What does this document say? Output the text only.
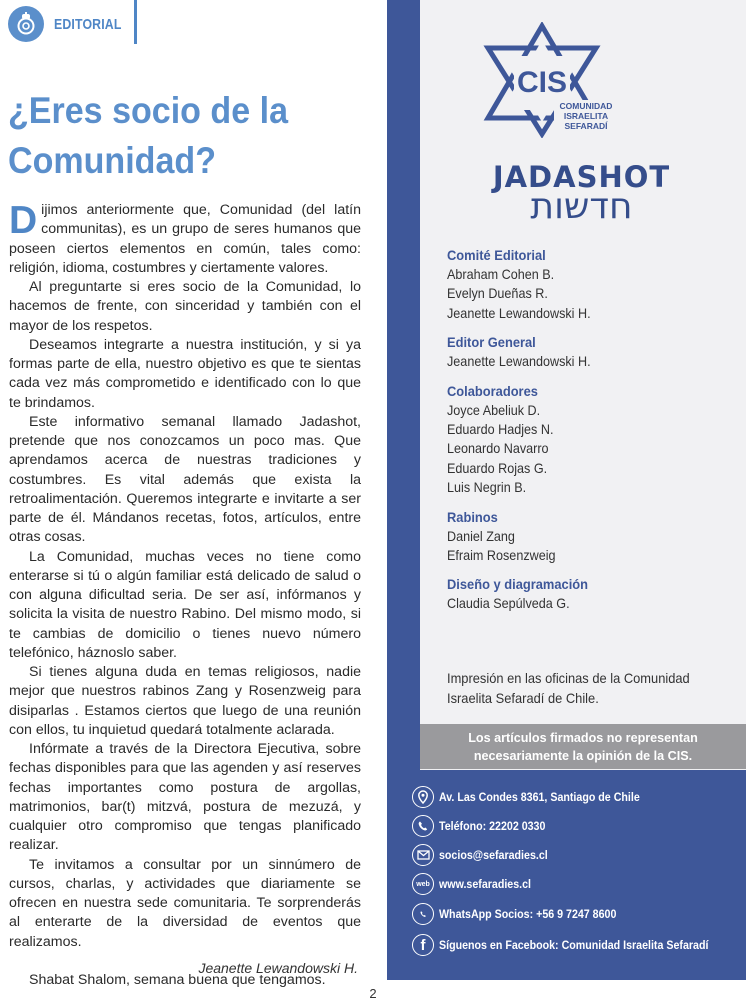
EDITORIAL
¿Eres socio de la Comunidad?

Dijimos anteriormente que, Comunidad (del latín communitas), es un grupo de seres humanos que poseen ciertos elementos en común, tales como: religión, idioma, costumbres y ciertamente valores.

Al preguntarte si eres socio de la Comunidad, lo hacemos de frente, con sinceridad y también con el mayor de los respetos.

Deseamos integrarte a nuestra institución, y si ya formas parte de ella, nuestro objetivo es que te sientas cada vez más comprometido e identificado con lo que te brindamos.

Este informativo semanal llamado Jadashot, pretende que nos conozcamos un poco mas. Que aprendamos acerca de nuestras tradiciones y costumbres. Es vital además que exista la retroalimentación. Queremos integrarte e invitarte a ser parte de él. Mándanos recetas, fotos, artículos, entre otras cosas.

La Comunidad, muchas veces no tiene como enterarse si tú o algún familiar está delicado de salud o con alguna dificultad seria. De ser así, infórmanos y solicita la visita de nuestro Rabino. Del mismo modo, si te cambias de domicilio o tienes nuevo número telefónico, háznoslo saber.

Si tienes alguna duda en temas religiosos, nadie mejor que nuestros rabinos Zang y Rosenzweig para disiparlas . Estamos ciertos que luego de una reunión con ellos, tu inquietud quedará totalmente aclarada.

Infórmate a través de la Directora Ejecutiva, sobre fechas disponibles para que las agenden y así reserves fechas importantes como postura de argollas, matrimonios, bar(t) mitzvá, postura de mezuzá, y cualquier otro compromiso que tengas planificado realizar.

Te invitamos a consultar por un sinnúmero de cursos, charlas, y actividades que diariamente se ofrecen en nuestra sede comunitaria. Te sorprenderás al enterarte de la diversidad de eventos que realizamos.

Shabat Shalom, semana buena que tengamos.

Jeanette Lewandowski H.
2
CIS
COMUNIDAD
ISRAELITA
SEFARADÍ
JADASHOT
חדשות
Comité Editorial
Abraham Cohen B.
Evelyn Dueñas R.
Jeanette Lewandowski H.
Editor General
Jeanette Lewandowski H.
Colaboradores
Joyce Abeliuk D.
Eduardo Hadjes N.
Leonardo Navarro
Eduardo Rojas G.
Luis Negrin B.
Rabinos
Daniel Zang
Efraim Rosenzweig
Diseño y diagramación
Claudia Sepúlveda G.
Impresión en las oficinas de la Comunidad Israelita Sefaradí de Chile.
Los artículos firmados no representan
necesariamente la opinión de la CIS.
Av. Las Condes 8361, Santiago de Chile
Teléfono: 22202 0330
socios@sefaradies.cl
web www.sefaradies.cl
WhatsApp Socios: +56 9 7247 8600
f	Síguenos en Facebook: Comunidad Israelita Sefaradí
